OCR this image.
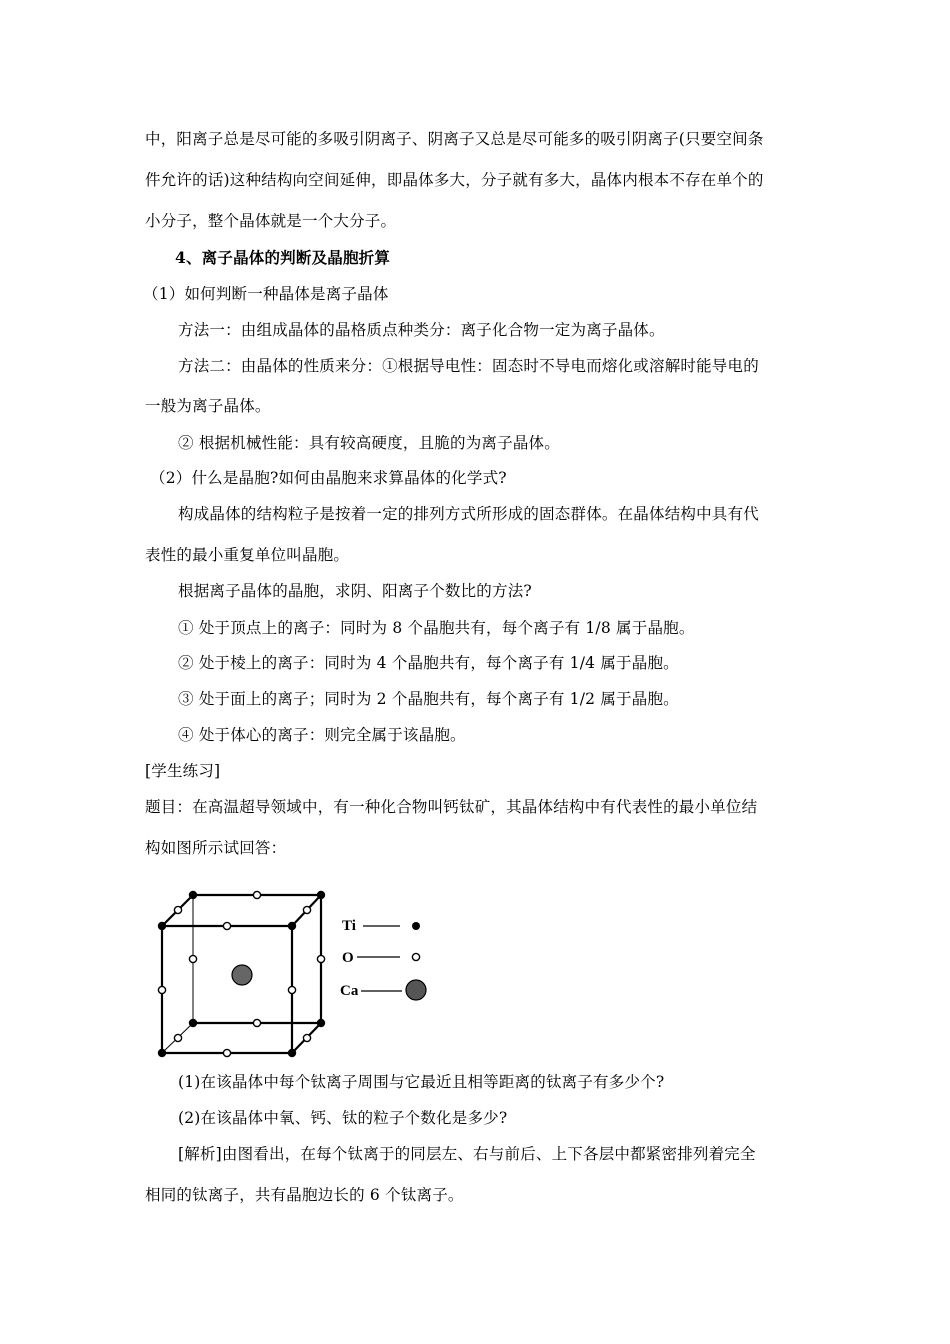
中，阳离子总是尽可能的多吸引阴离子、阴离子又总是尽可能多的吸引阴离子(只要空间条
件允许的话)这种结构向空间延伸，即晶体多大，分子就有多大，晶体内根本不存在单个的
小分子，整个晶体就是一个大分子。
4、离子晶体的判断及晶胞折算
（1）如何判断一种晶体是离子晶体
方法一：由组成晶体的晶格质点种类分：离子化合物一定为离子晶体。
方法二：由晶体的性质来分：①根据导电性：固态时不导电而熔化或溶解时能导电的
一般为离子晶体。
② 根据机械性能：具有较高硬度，且脆的为离子晶体。
（2）什么是晶胞?如何由晶胞来求算晶体的化学式?
构成晶体的结构粒子是按着一定的排列方式所形成的固态群体。在晶体结构中具有代
表性的最小重复单位叫晶胞。
根据离子晶体的晶胞，求阴、阳离子个数比的方法?
① 处于顶点上的离子：同时为 8 个晶胞共有，每个离子有 1/8 属于晶胞。
② 处于棱上的离子：同时为 4 个晶胞共有，每个离子有 1/4 属于晶胞。
③ 处于面上的离子；同时为 2 个晶胞共有，每个离子有 1/2 属于晶胞。
④ 处于体心的离子：则完全属于该晶胞。
[学生练习]
题目：在高温超导领域中，有一种化合物叫钙钛矿，其晶体结构中有代表性的最小单位结
构如图所示试回答：
Ti
O
Ca
(1)在该晶体中每个钛离子周围与它最近且相等距离的钛离子有多少个?
(2)在该晶体中氧、钙、钛的粒子个数化是多少?
[解析]由图看出，在每个钛离于的同层左、右与前后、上下各层中都紧密排列着完全
相同的钛离子，共有晶胞边长的 6 个钛离子。
